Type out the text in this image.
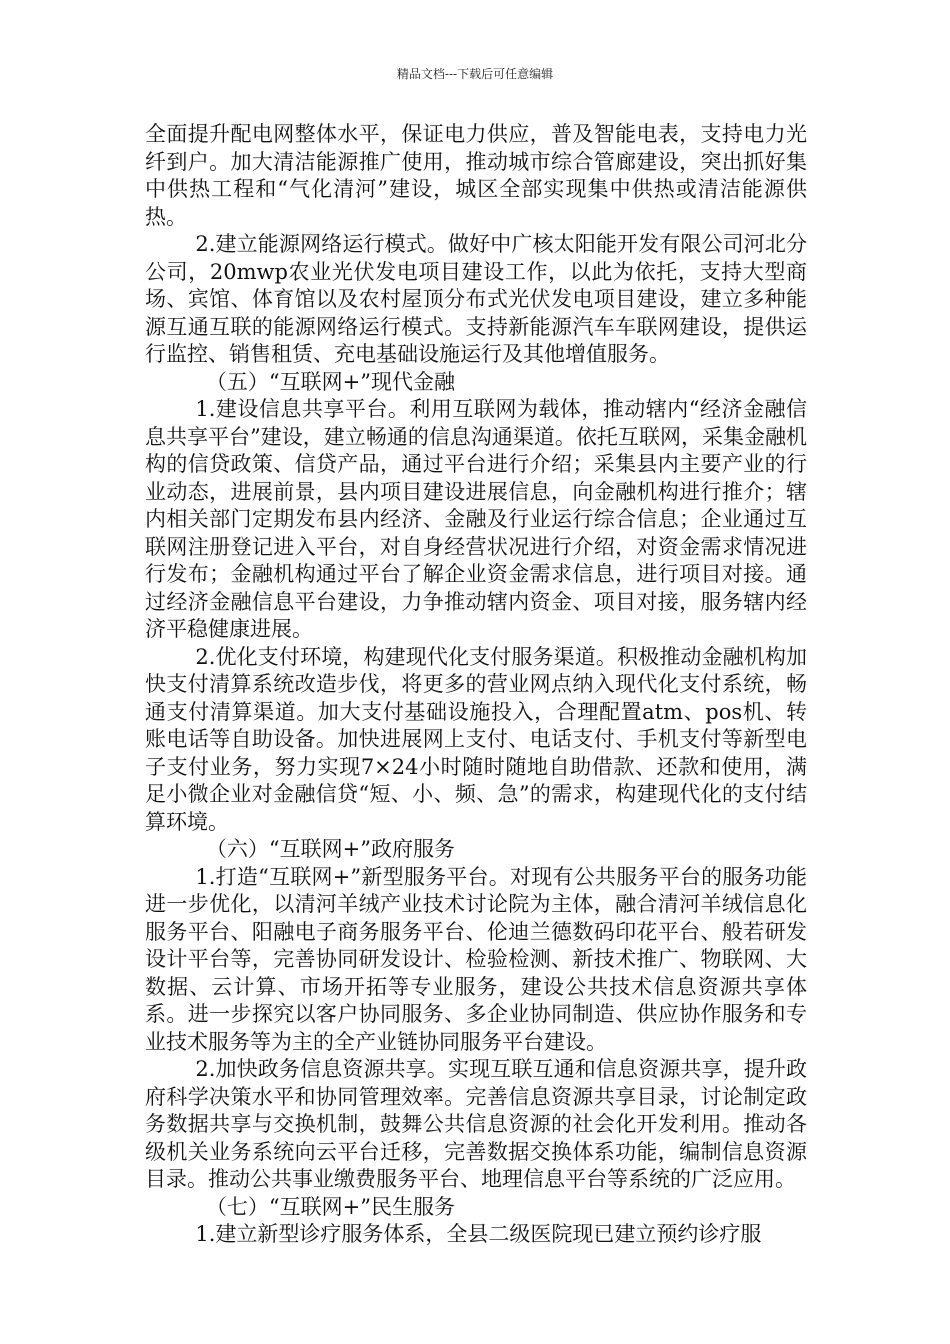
精品文档---下载后可任意编辑

全面提升配电网整体水平，保证电力供应，普及智能电表，支持电力光纤到户。加大清洁能源推广使用，推动城市综合管廊建设，突出抓好集中供热工程和“气化清河”建设，城区全部实现集中供热或清洁能源供热。

2.建立能源网络运行模式。做好中广核太阳能开发有限公司河北分公司，20mwp农业光伏发电项目建设工作，以此为依托，支持大型商场、宾馆、体育馆以及农村屋顶分布式光伏发电项目建设，建立多种能源互通互联的能源网络运行模式。支持新能源汽车车联网建设，提供运行监控、销售租赁、充电基础设施运行及其他增值服务。

（五）“互联网+”现代金融

1.建设信息共享平台。利用互联网为载体，推动辖内“经济金融信息共享平台”建设，建立畅通的信息沟通渠道。依托互联网，采集金融机构的信贷政策、信贷产品，通过平台进行介绍；采集县内主要产业的行业动态，进展前景，县内项目建设进展信息，向金融机构进行推介；辖内相关部门定期发布县内经济、金融及行业运行综合信息；企业通过互联网注册登记进入平台，对自身经营状况进行介绍，对资金需求情况进行发布；金融机构通过平台了解企业资金需求信息，进行项目对接。通过经济金融信息平台建设，力争推动辖内资金、项目对接，服务辖内经济平稳健康进展。

2.优化支付环境，构建现代化支付服务渠道。积极推动金融机构加快支付清算系统改造步伐，将更多的营业网点纳入现代化支付系统，畅通支付清算渠道。加大支付基础设施投入，合理配置atm、pos机、转账电话等自助设备。加快进展网上支付、电话支付、手机支付等新型电子支付业务，努力实现7×24小时随时随地自助借款、还款和使用，满足小微企业对金融信贷“短、小、频、急”的需求，构建现代化的支付结算环境。

（六）“互联网+”政府服务

1.打造“互联网+”新型服务平台。对现有公共服务平台的服务功能进一步优化，以清河羊绒产业技术讨论院为主体，融合清河羊绒信息化服务平台、阳融电子商务服务平台、伦迪兰德数码印花平台、般若研发设计平台等，完善协同研发设计、检验检测、新技术推广、物联网、大数据、云计算、市场开拓等专业服务，建设公共技术信息资源共享体系。进一步探究以客户协同服务、多企业协同制造、供应协作服务和专业技术服务等为主的全产业链协同服务平台建设。

2.加快政务信息资源共享。实现互联互通和信息资源共享，提升政府科学决策水平和协同管理效率。完善信息资源共享目录，讨论制定政务数据共享与交换机制，鼓舞公共信息资源的社会化开发利用。推动各级机关业务系统向云平台迁移，完善数据交换体系功能，编制信息资源目录。推动公共事业缴费服务平台、地理信息平台等系统的广泛应用。

（七）“互联网+”民生服务

1.建立新型诊疗服务体系，全县二级医院现已建立预约诊疗服
